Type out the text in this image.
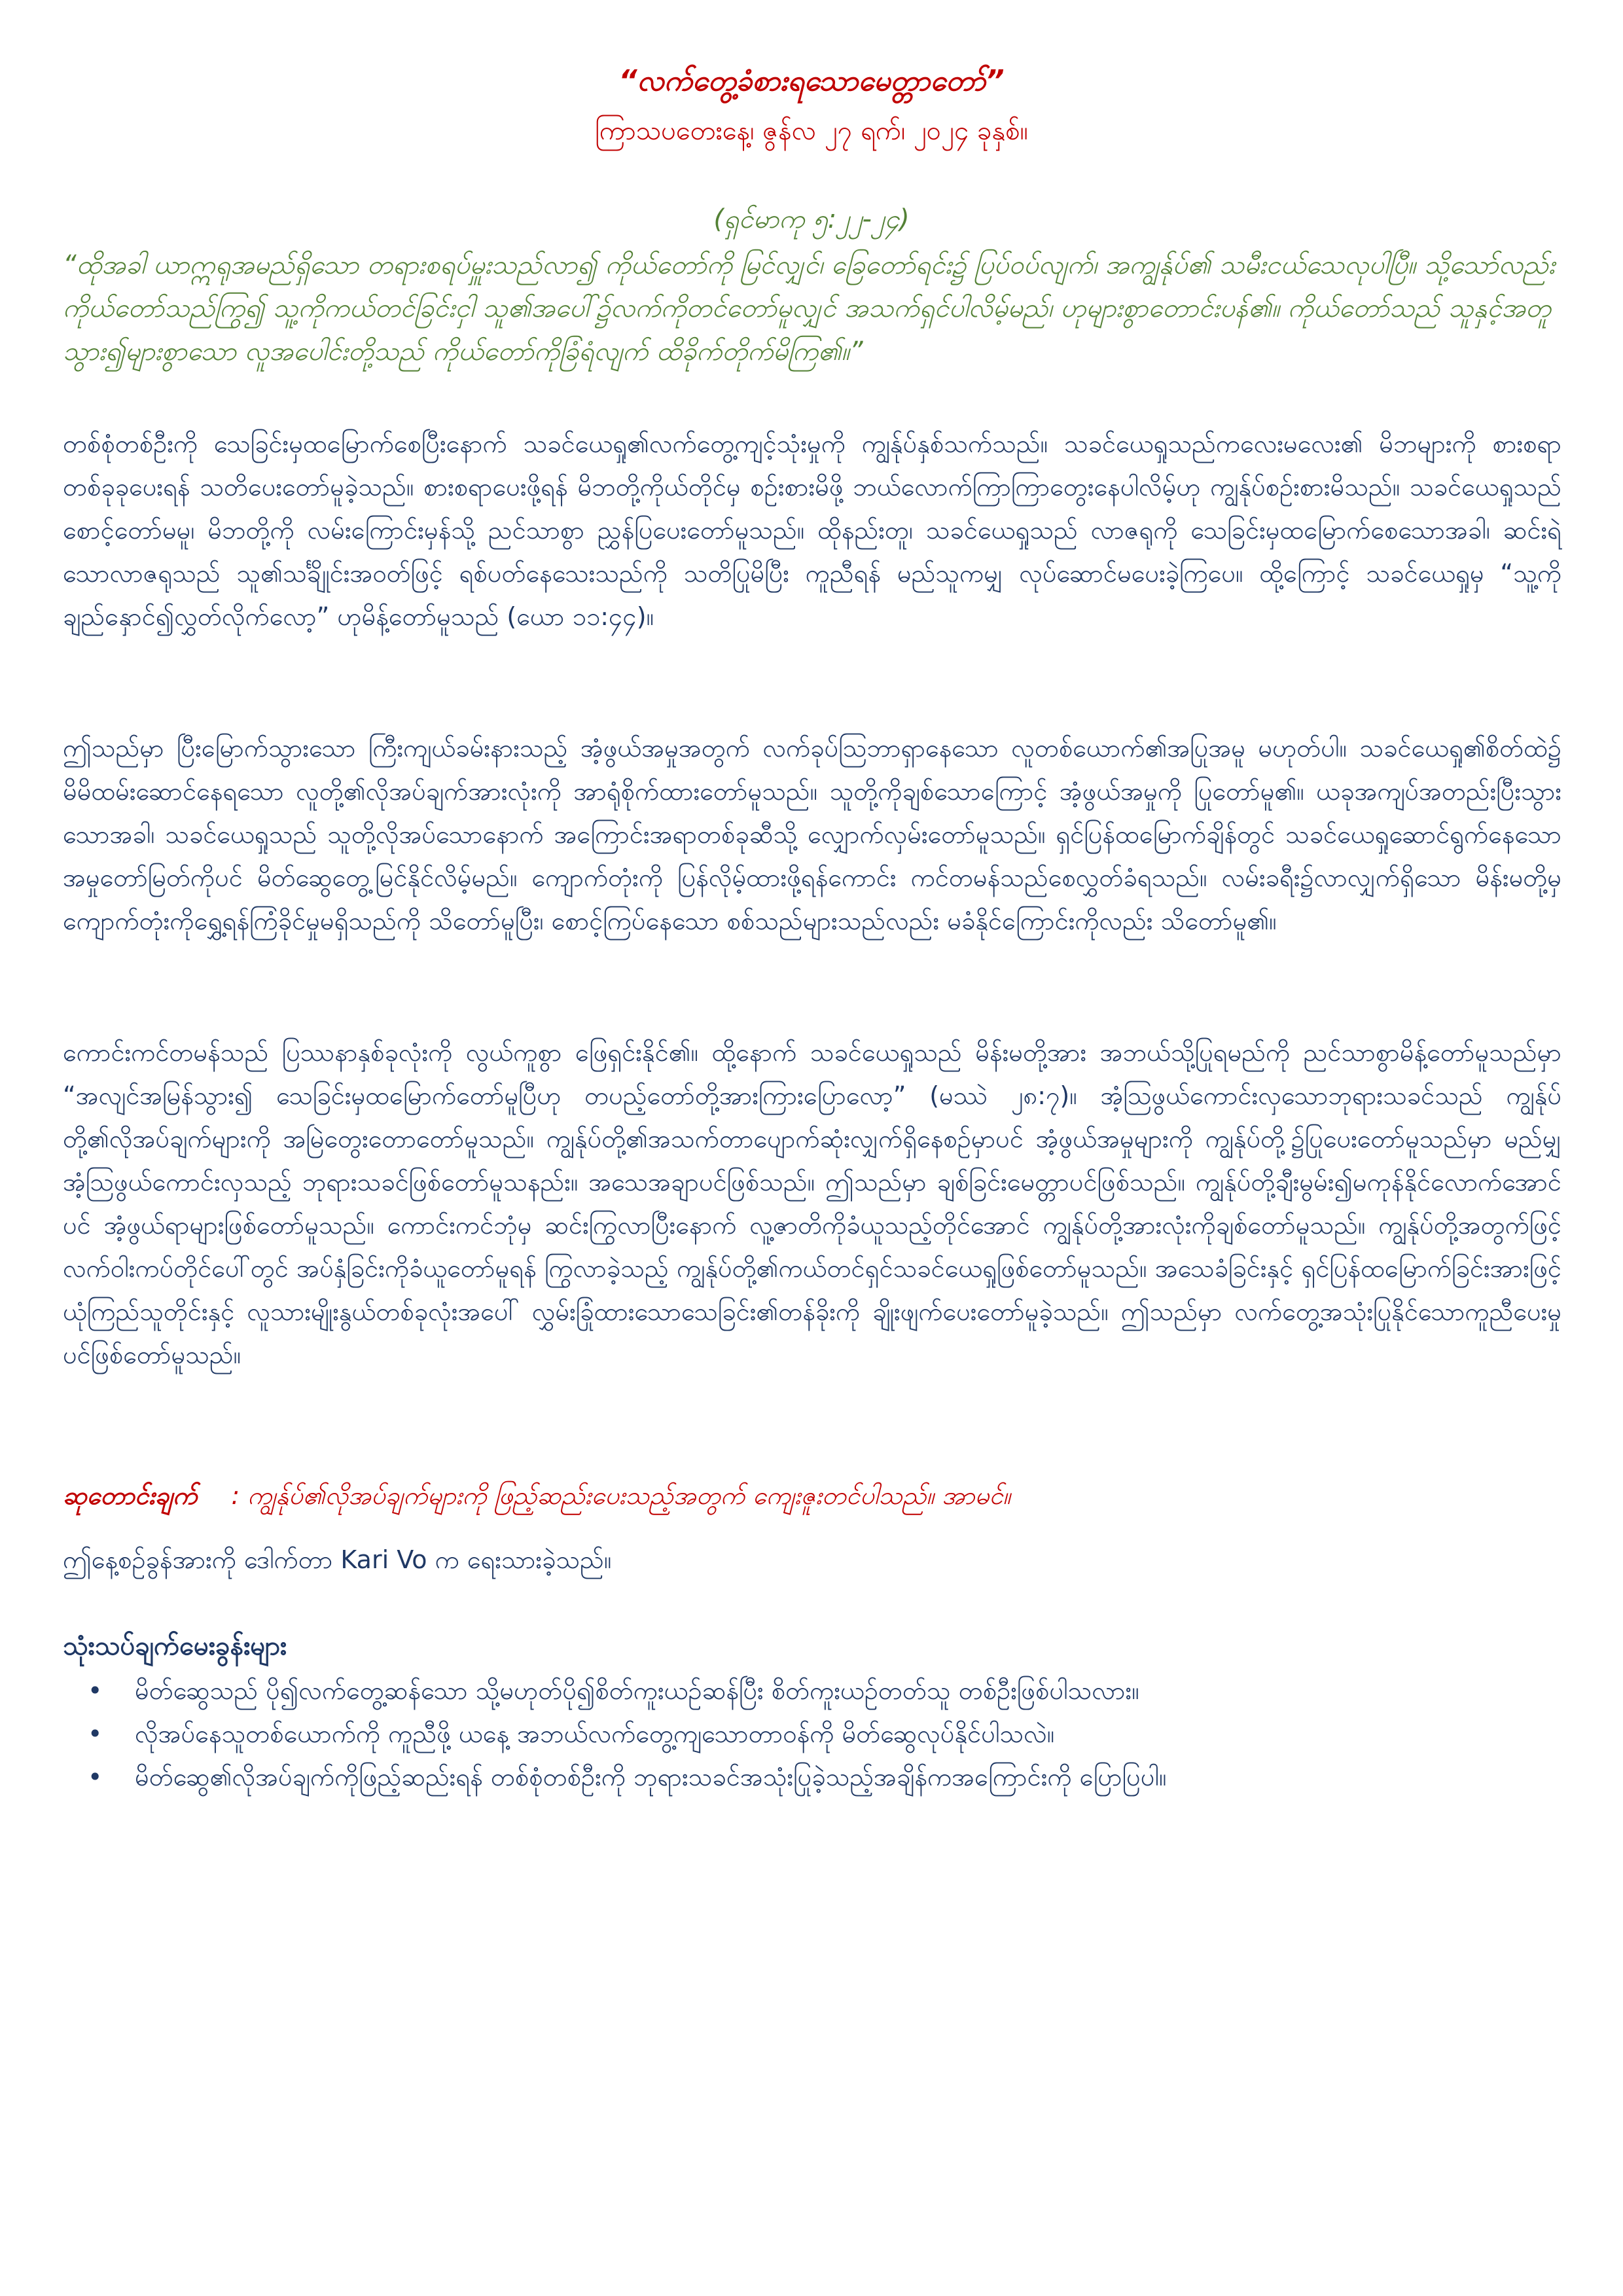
“လက်တွေ့ခံစားရသောမေတ္တာတော်”
ကြာသပတေးနေ့၊ ဇွန်လ ၂၇ ရက်၊ ၂၀၂၄ ခုနှစ်။
(ရှင်မာကု ၅:၂၂-၂၄)
“ထိုအခါ ယာဣရုအမည်ရှိသော တရားစရပ်မှူးသည်လာ၍ ကိုယ်တော်ကို မြင်လျှင်၊ ခြေတော်ရင်း၌ ပြပ်ဝပ်လျက်၊ အကျွန်ုပ်၏ သမီးငယ်သေလုပါပြီ။ သို့သော်လည်း ကိုယ်တော်သည်ကြွ၍ သူ့ကိုကယ်တင်ခြင်းငှါ သူ၏အပေါ်၌လက်ကိုတင်တော်မူလျှင် အသက်ရှင်ပါလိမ့်မည်၊ ဟုများစွာတောင်းပန်၏။ ကိုယ်တော်သည် သူနှင့်အတူသွား၍များစွာသော လူအပေါင်းတို့သည် ကိုယ်တော်ကိုခြံရံလျက် ထိခိုက်တိုက်မိကြ၏။”
တစ်စုံတစ်ဦးကို သေခြင်းမှထမြောက်စေပြီးနောက် သခင်ယေရှု၏လက်တွေ့ကျင့်သုံးမှုကို ကျွန်ုပ်နှစ်သက်သည်။ သခင်ယေရှုသည်ကလေးမလေး၏ မိဘများကို စားစရာတစ်ခုခုပေးရန် သတိပေးတော်မူခဲ့သည်။ စားစရာပေးဖို့ရန် မိဘတို့ကိုယ်တိုင်မှ စဉ်းစားမိဖို့ ဘယ်လောက်ကြာကြာတွေးနေပါလိမ့်ဟု ကျွန်ုပ်စဉ်းစားမိသည်။ သခင်ယေရှုသည် စောင့်တော်မမူ၊ မိဘတို့ကို လမ်းကြောင်းမှန်သို့ ညင်သာစွာ ညွှန်ပြပေးတော်မူသည်။ ထိုနည်းတူ၊ သခင်ယေရှုသည် လာဇရုကို သေခြင်းမှထမြောက်စေသောအခါ၊ ဆင်းရဲသောလာဇရုသည် သူ၏သင်္ချိုင်းအဝတ်ဖြင့် ရစ်ပတ်နေသေးသည်ကို သတိပြုမိပြီး ကူညီရန် မည်သူကမျှ လုပ်ဆောင်မပေးခဲ့ကြပေ။ ထို့ကြောင့် သခင်ယေရှုမှ “သူ့ကိုချည်နှောင်၍လွှတ်လိုက်လော့” ဟုမိန့်တော်မူသည် (ယော ၁၁:၄၄)။
ဤသည်မှာ ပြီးမြောက်သွားသော ကြီးကျယ်ခမ်းနားသည့် အံ့ဖွယ်အမှုအတွက် လက်ခုပ်သြဘာရှာနေသော လူတစ်ယောက်၏အပြုအမူ မဟုတ်ပါ။ သခင်ယေရှု၏စိတ်ထဲ၌ မိမိထမ်းဆောင်နေရသော လူတို့၏လိုအပ်ချက်အားလုံးကို အာရုံစိုက်ထားတော်မူသည်။ သူတို့ကိုချစ်သောကြောင့် အံ့ဖွယ်အမှုကို ပြုတော်မူ၏။ ယခုအကျပ်အတည်းပြီးသွားသောအခါ၊ သခင်ယေရှုသည် သူတို့လိုအပ်သောနောက် အကြောင်းအရာတစ်ခုဆီသို့ လျှောက်လှမ်းတော်မူသည်။ ရှင်ပြန်ထမြောက်ချိန်တွင် သခင်ယေရှုဆောင်ရွက်နေသောအမှုတော်မြတ်ကိုပင် မိတ်ဆွေတွေ့မြင်နိုင်လိမ့်မည်။ ကျောက်တုံးကို ပြန်လိုမ့်ထားဖို့ရန်ကောင်း ကင်တမန်သည်စေလွှတ်ခံရသည်။ လမ်းခရီး၌လာလျှက်ရှိသော မိန်းမတို့မှ ကျောက်တုံးကိုရွှေ့ရန်ကြံခိုင်မှုမရှိသည်ကို သိတော်မူပြီး၊ စောင့်ကြပ်နေသော စစ်သည်များသည်လည်း မခံနိုင်ကြောင်းကိုလည်း သိတော်မူ၏။
ကောင်းကင်တမန်သည် ပြဿနာနှစ်ခုလုံးကို လွယ်ကူစွာ ဖြေရှင်းနိုင်၏။ ထို့နောက် သခင်ယေရှုသည် မိန်းမတို့အား အဘယ်သို့ပြုရမည်ကို ညင်သာစွာမိန့်တော်မူသည်မှာ “အလျင်အမြန်သွား၍ သေခြင်းမှထမြောက်တော်မူပြီဟု တပည့်တော်တို့အားကြားပြောလော့” (မဿဲ ၂၈:၇)။ အံ့ဩဖွယ်ကောင်းလှသောဘုရားသခင်သည် ကျွန်ုပ်တို့၏လိုအပ်ချက်များကို အမြဲတွေးတောတော်မူသည်။ ကျွန်ုပ်တို့၏အသက်တာပျောက်ဆုံးလျှက်ရှိနေစဉ်မှာပင် အံ့ဖွယ်အမှုများကို ကျွန်ုပ်တို့၌ပြုပေးတော်မူသည်မှာ မည်မျှအံ့ဩဖွယ်ကောင်းလှသည့် ဘုရားသခင်ဖြစ်တော်မူသနည်း။ အသေအချာပင်ဖြစ်သည်။ ဤသည်မှာ ချစ်ခြင်းမေတ္တာပင်ဖြစ်သည်။ ကျွန်ုပ်တို့ချီးမွမ်း၍မကုန်နိုင်လောက်အောင်ပင် အံ့ဖွယ်ရာများဖြစ်တော်မူသည်။ ကောင်းကင်ဘုံမှ ဆင်းကြွလာပြီးနောက် လူ့ဇာတိကိုခံယူသည့်တိုင်အောင် ကျွန်ုပ်တို့အားလုံးကိုချစ်တော်မူသည်။ ကျွန်ုပ်တို့အတွက်ဖြင့် လက်ဝါးကပ်တိုင်ပေါ်တွင် အပ်နှံခြင်းကိုခံယူတော်မူရန် ကြွလာခဲ့သည့် ကျွန်ုပ်တို့၏ကယ်တင်ရှင်သခင်ယေရှုဖြစ်တော်မူသည်။ အသေခံခြင်းနှင့် ရှင်ပြန်ထမြောက်ခြင်းအားဖြင့် ယုံကြည်သူတိုင်းနှင့် လူသားမျိုးနွယ်တစ်ခုလုံးအပေါ် လွှမ်းခြုံထားသောသေခြင်း၏တန်ခိုးကို ချိုးဖျက်ပေးတော်မူခဲ့သည်။ ဤသည်မှာ လက်တွေ့အသုံးပြုနိုင်သောကူညီပေးမှုပင်ဖြစ်တော်မူသည်။
ဆုတောင်းချက် : ကျွန်ုပ်၏လိုအပ်ချက်များကို ဖြည့်ဆည်းပေးသည့်အတွက် ကျေးဇူးတင်ပါသည်။ အာမင်။
ဤနေ့စဉ်ခွန်အားကို ဒေါက်တာ Kari Vo က ရေးသားခဲ့သည်။
သုံးသပ်ချက်မေးခွန်းများ
• မိတ်ဆွေသည် ပို၍လက်တွေ့ဆန်သော သို့မဟုတ်ပို၍စိတ်ကူးယဉ်ဆန်ပြီး စိတ်ကူးယဉ်တတ်သူ တစ်ဦးဖြစ်ပါသလား။
• လိုအပ်နေသူတစ်ယောက်ကို ကူညီဖို့ ယနေ့ အဘယ်လက်တွေ့ကျသောတာဝန်ကို မိတ်ဆွေလုပ်နိုင်ပါသလဲ။
• မိတ်ဆွေ၏လိုအပ်ချက်ကိုဖြည့်ဆည်းရန် တစ်စုံတစ်ဦးကို ဘုရားသခင်အသုံးပြုခဲ့သည့်အချိန်ကအကြောင်းကို ပြောပြပါ။
